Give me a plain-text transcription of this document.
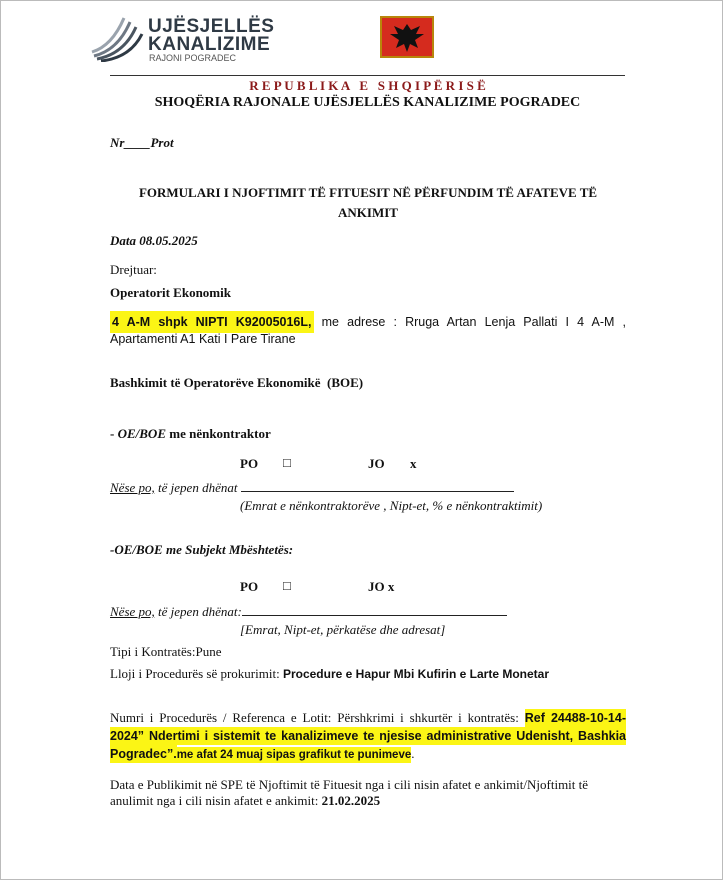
UJËSJELLËS
KANALIZIME
RAJONI POGRADEC
R E P U B L I K A   E   S H Q I P Ë R I S Ë
SHOQËRIA RAJONALE UJËSJELLËS KANALIZIME POGRADEC
Nr____Prot
FORMULARI I NJOFTIMIT TË FITUESIT NË PËRFUNDIM TË AFATEVE TË ANKIMIT
Data 08.05.2025
Drejtuar:
Operatorit Ekonomik
4 A-M shpk NIPTI K92005016L, me adrese : Rruga Artan Lenja Pallati I 4 A-M , Apartamenti A1 Kati I Pare Tirane
Bashkimit të Operatorëve Ekonomikë  (BOE)
- OE/BOE me nënkontraktor
PO □	JO x
Nëse po, të jepen dhënat
(Emrat e nënkontraktorëve , Nipt-et, % e nënkontraktimit)
-OE/BOE me Subjekt Mbështetës:
PO □	JO x
Nëse po, të jepen dhënat:
[Emrat, Nipt-et, përkatëse dhe adresat]
Tipi i Kontratës:Pune
Lloji i Procedurës së prokurimit: Procedure e Hapur Mbi Kufirin e Larte Monetar
Numri i Procedurës / Referenca e Lotit: Përshkrimi i shkurtër i kontratës: Ref 24488-10-14-2024” Ndertimi i sistemit te kanalizimeve te njesise administrative Udenisht, Bashkia Pogradec”.me afat 24 muaj sipas grafikut te punimeve.
Data e Publikimit në SPE të Njoftimit të Fituesit nga i cili nisin afatet e ankimit/Njoftimit të anulimit nga i cili nisin afatet e ankimit: 21.02.2025
